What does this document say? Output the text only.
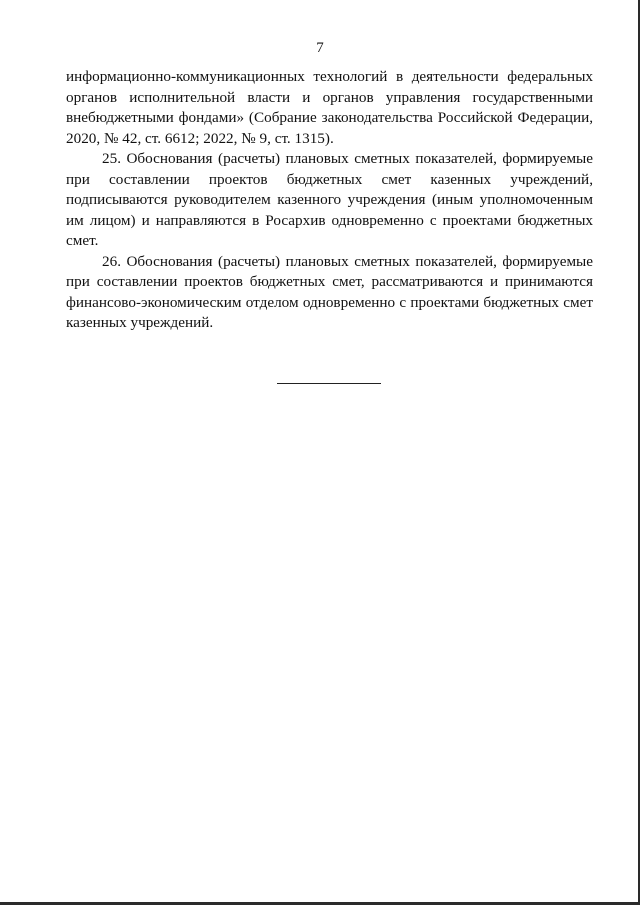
7
информационно-коммуникационных технологий в деятельности федеральных
органов исполнительной власти и органов управления государственными
внебюджетными фондами» (Собрание законодательства Российской Федерации,
2020, № 42, ст. 6612; 2022, № 9, ст. 1315).
25. Обоснования (расчеты) плановых сметных показателей, формируемые
при составлении проектов бюджетных смет казенных учреждений,
подписываются руководителем казенного учреждения (иным уполномоченным
им лицом) и направляются в Росархив одновременно с проектами бюджетных
смет.
26. Обоснования (расчеты) плановых сметных показателей, формируемые
при составлении проектов бюджетных смет, рассматриваются и принимаются
финансово-экономическим отделом одновременно с проектами бюджетных смет
казенных учреждений.
